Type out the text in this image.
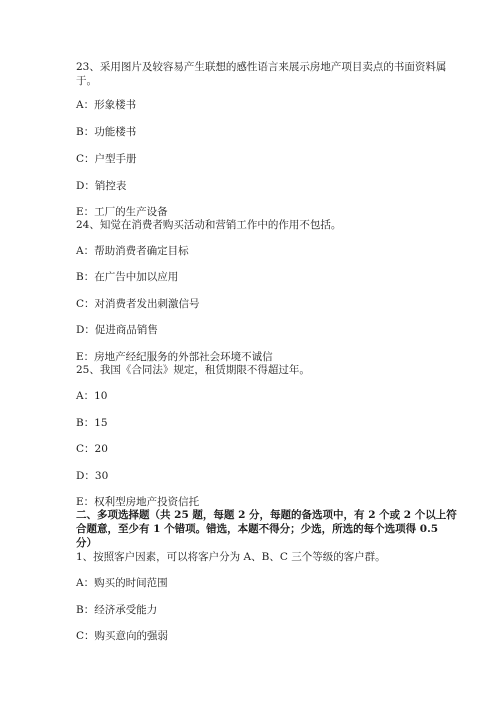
23、采用图片及较容易产生联想的感性语言来展示房地产项目卖点的书面资料属
于。
A：形象楼书
B：功能楼书
C：户型手册
D：销控表
E：工厂的生产设备
24、知觉在消费者购买活动和营销工作中的作用不包括。
A：帮助消费者确定目标
B：在广告中加以应用
C：对消费者发出刺激信号
D：促进商品销售
E：房地产经纪服务的外部社会环境不诚信
25、我国《合同法》规定，租赁期限不得超过年。
A：10
B：15
C：20
D：30
E：权利型房地产投资信托
二、多项选择题（共 25 题，每题 2 分，每题的备选项中，有 2 个或 2 个以上符
合题意，至少有 1 个错项。错选，本题不得分；少选，所选的每个选项得 0.5
分）
1、按照客户因素，可以将客户分为 A、B、C 三个等级的客户群。
A：购买的时间范围
B：经济承受能力
C：购买意向的强弱
